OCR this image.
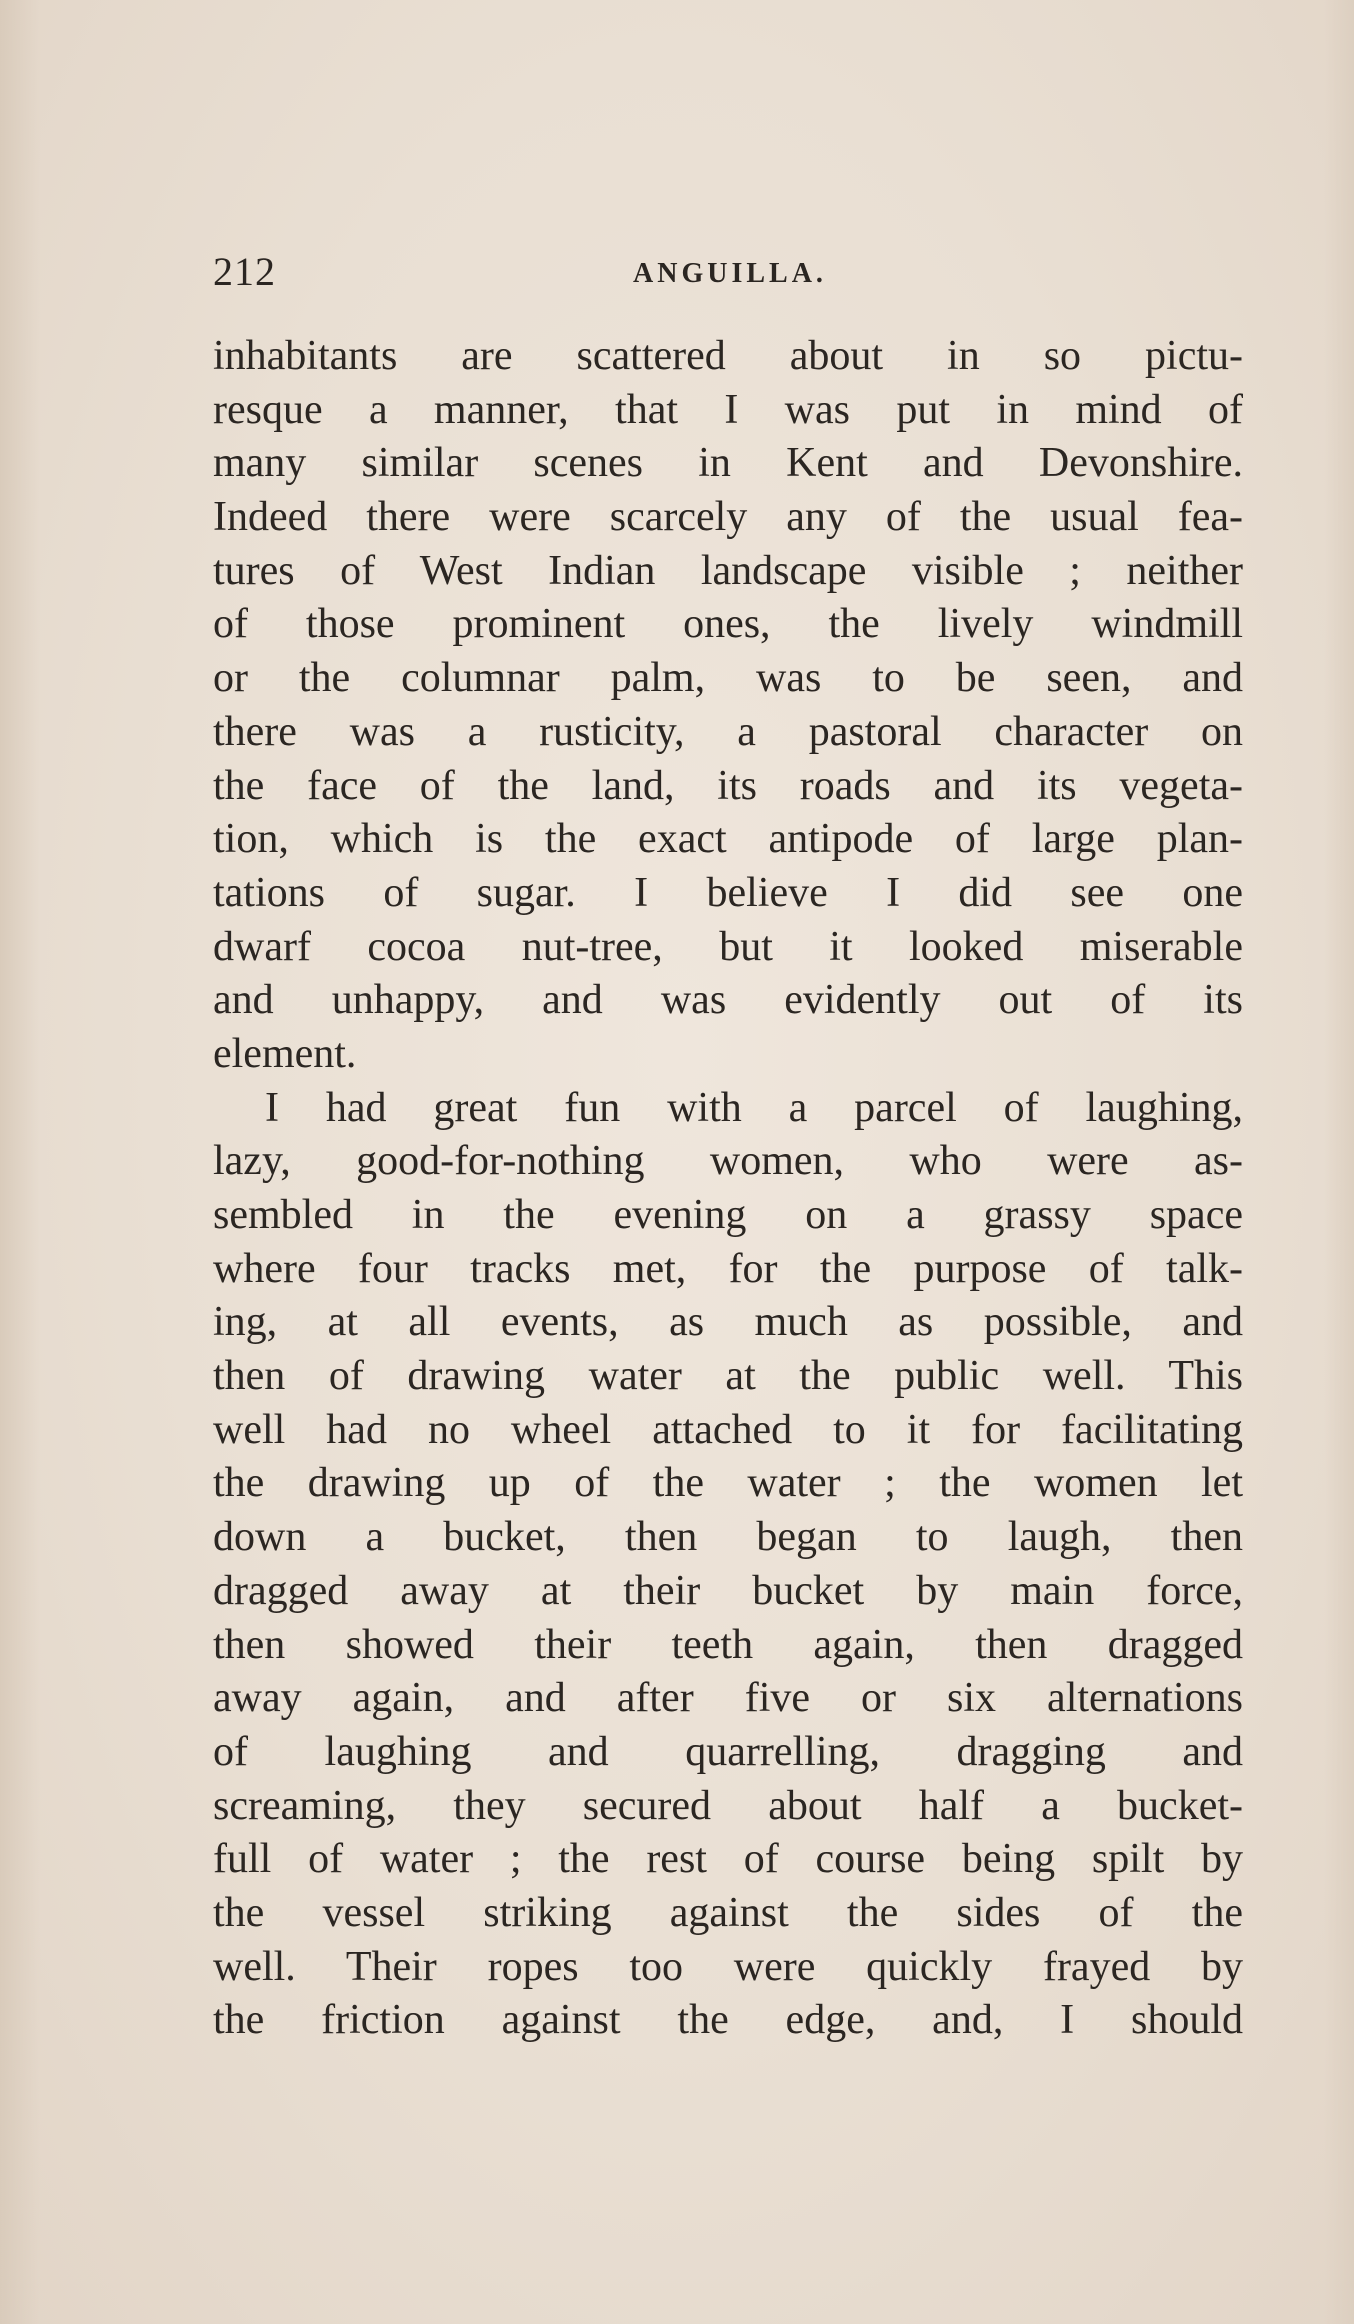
212	ANGUILLA.
inhabitants are scattered about in so pictu-
resque a manner, that I was put in mind of
many similar scenes in Kent and Devonshire.
Indeed there were scarcely any of the usual fea-
tures of West Indian landscape visible ; neither
of those prominent ones, the lively windmill
or the columnar palm, was to be seen, and
there was a rusticity, a pastoral character on
the face of the land, its roads and its vegeta-
tion, which is the exact antipode of large plan-
tations of sugar. I believe I did see one
dwarf cocoa nut-tree, but it looked miserable
and unhappy, and was evidently out of its
element.
I had great fun with a parcel of laughing,
lazy, good-for-nothing women, who were as-
sembled in the evening on a grassy space
where four tracks met, for the purpose of talk-
ing, at all events, as much as possible, and
then of drawing water at the public well. This
well had no wheel attached to it for facilitating
the drawing up of the water ; the women let
down a bucket, then began to laugh, then
dragged away at their bucket by main force,
then showed their teeth again, then dragged
away again, and after five or six alternations
of laughing and quarrelling, dragging and
screaming, they secured about half a bucket-
full of water ; the rest of course being spilt by
the vessel striking against the sides of the
well. Their ropes too were quickly frayed by
the friction against the edge, and, I should
